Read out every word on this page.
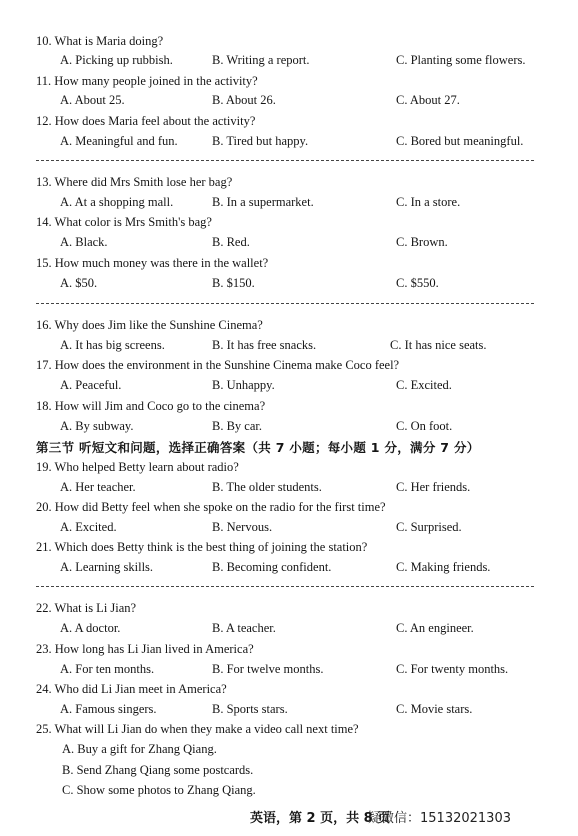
10. What is Maria doing?
A. Picking up rubbish.	B. Writing a report.	C. Planting some flowers.
11. How many people joined in the activity?
A. About 25.	B. About 26.	C. About 27.
12. How does Maria feel about the activity?
A. Meaningful and fun.	B. Tired but happy.	C. Bored but meaningful.
13. Where did Mrs Smith lose her bag?
A. At a shopping mall.	B. In a supermarket.	C. In a store.
14. What color is Mrs Smith's bag?
A. Black.	B. Red.	C. Brown.
15. How much money was there in the wallet?
A. $50.	B. $150.	C. $550.
16. Why does Jim like the Sunshine Cinema?
A. It has big screens.	B. It has free snacks.	C. It has nice seats.
17. How does the environment in the Sunshine Cinema make Coco feel?
A. Peaceful.	B. Unhappy.	C. Excited.
18. How will Jim and Coco go to the cinema?
A. By subway.	B. By car.	C. On foot.
第三节 听短文和问题，选择正确答案（共 7 小题；每小题 1 分，满分 7 分）
19. Who helped Betty learn about radio?
A. Her teacher.	B. The older students.	C. Her friends.
20. How did Betty feel when she spoke on the radio for the first time?
A. Excited.	B. Nervous.	C. Surprised.
21. Which does Betty think is the best thing of joining the station?
A. Learning skills.	B. Becoming confident.	C. Making friends.
22. What is Li Jian?
A. A doctor.	B. A teacher.	C. An engineer.
23. How long has Li Jian lived in America?
A. For ten months.	B. For twelve months.	C. For twenty months.
24. Who did Li Jian meet in America?
A. Famous singers.	B. Sports stars.	C. Movie stars.
25. What will Li Jian do when they make a video call next time?
A. Buy a gift for Zhang Qiang.
B. Send Zhang Qiang some postcards.
C. Show some photos to Zhang Qiang.
英语，第 2 页，共 8 页
疑微信：15132021303
